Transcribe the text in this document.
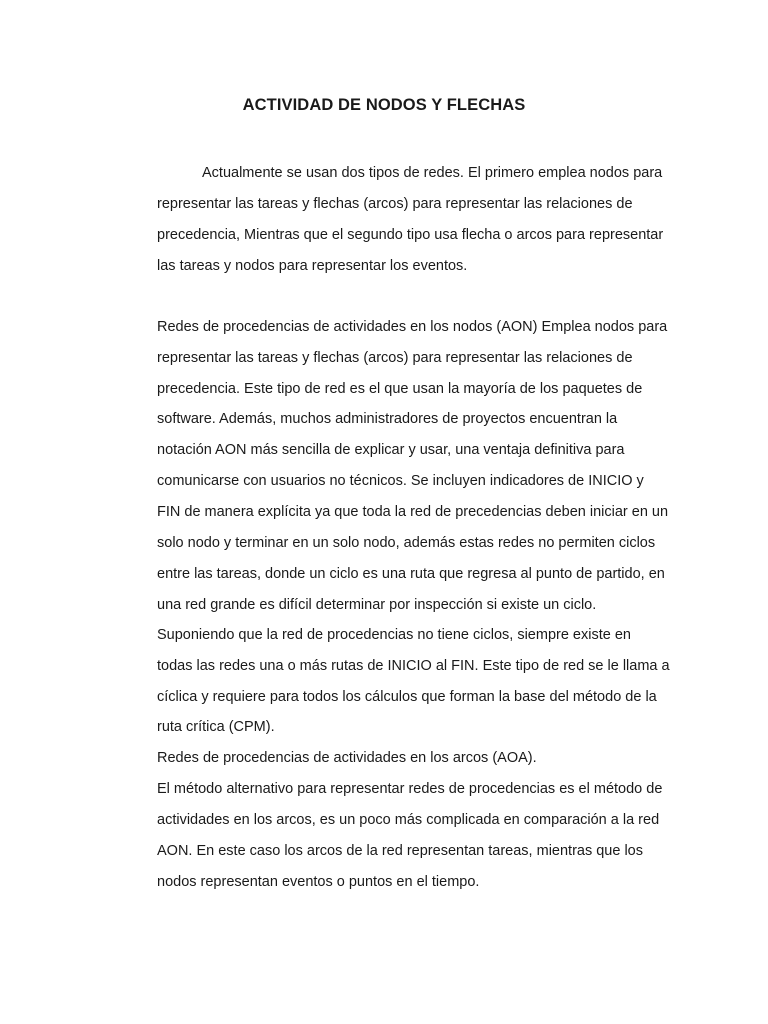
ACTIVIDAD DE NODOS Y FLECHAS

Actualmente se usan dos tipos de redes. El primero emplea nodos para

representar las tareas y flechas (arcos) para representar las relaciones de

precedencia, Mientras que el segundo tipo usa flecha o arcos para representar

las tareas y nodos para representar los eventos.

Redes de procedencias de actividades en los nodos (AON) Emplea nodos para

representar las tareas y flechas (arcos) para representar las relaciones de

precedencia. Este tipo de red es el que usan la mayoría de los paquetes de

software. Además, muchos administradores de proyectos encuentran la

notación AON más sencilla de explicar y usar, una ventaja definitiva para

comunicarse con usuarios no técnicos. Se incluyen indicadores de INICIO y

FIN de manera explícita ya que toda la red de precedencias deben iniciar en un

solo nodo y terminar en un solo nodo, además estas redes no permiten ciclos

entre las tareas, donde un ciclo es una ruta que regresa al punto de partido, en

una red grande es difícil determinar por inspección si existe un ciclo.

Suponiendo que la red de procedencias no tiene ciclos, siempre existe en

todas las redes una o más rutas de INICIO al FIN. Este tipo de red se le llama a

cíclica y requiere para todos los cálculos que forman la base del método de la

ruta crítica (CPM).

Redes de procedencias de actividades en los arcos (AOA).

El método alternativo para representar redes de procedencias es el método de

actividades en los arcos, es un poco más complicada en comparación a la red

AON. En este caso los arcos de la red representan tareas, mientras que los

nodos representan eventos o puntos en el tiempo.
